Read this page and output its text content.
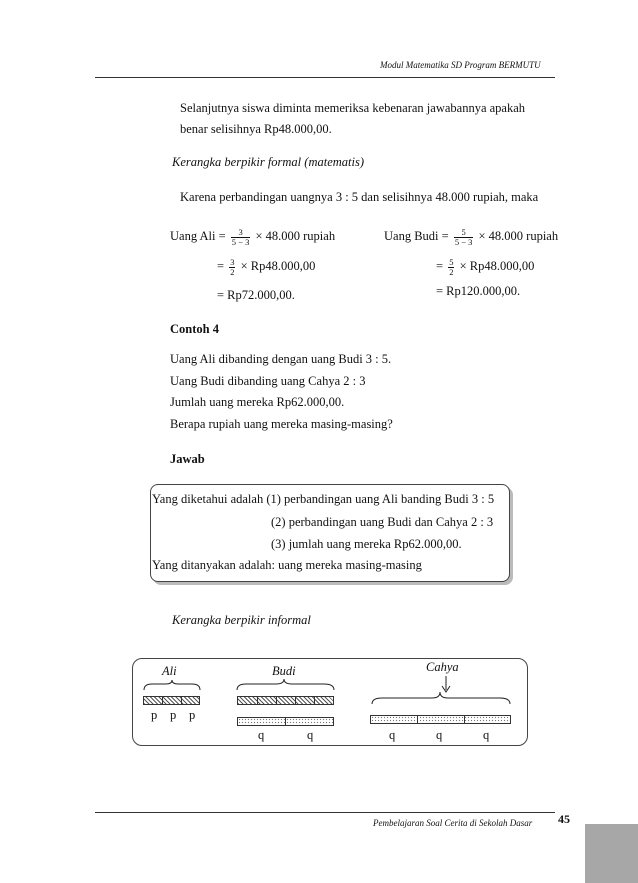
Modul Matematika SD Program BERMUTU
Selanjutnya siswa diminta memeriksa kebenaran jawabannya apakah
benar selisihnya Rp48.000,00.
Kerangka berpikir formal (matematis)
Karena perbandingan uangnya 3 : 5 dan selisihnya 48.000 rupiah, maka
Uang Ali = $\frac{3}{5 - 3} \times 48.000$ rupiah
= $\frac{3}{2} \times Rp48.000,00$
= Rp72.000,00.
Uang Budi = $\frac{5}{5 - 3} \times 48.000$ rupiah
= $\frac{5}{2} \times Rp48.000,00$
= Rp120.000,00.
Contoh 4
Uang Ali dibanding dengan uang Budi 3 : 5.
Uang Budi dibanding uang Cahya 2 : 3
Jumlah uang mereka Rp62.000,00.
Berapa rupiah uang mereka masing-masing?
Jawab
Yang diketahui adalah (1) perbandingan uang Ali banding Budi 3 : 5
(2) perbandingan uang Budi dan Cahya 2 : 3
(3) jumlah uang mereka Rp62.000,00.
Yang ditanyakan adalah: uang mereka masing-masing
Kerangka berpikir informal
Ali	Budi	Cahya
p p p
q	q	q	q	q
Pembelajaran Soal Cerita di Sekolah Dasar 45
